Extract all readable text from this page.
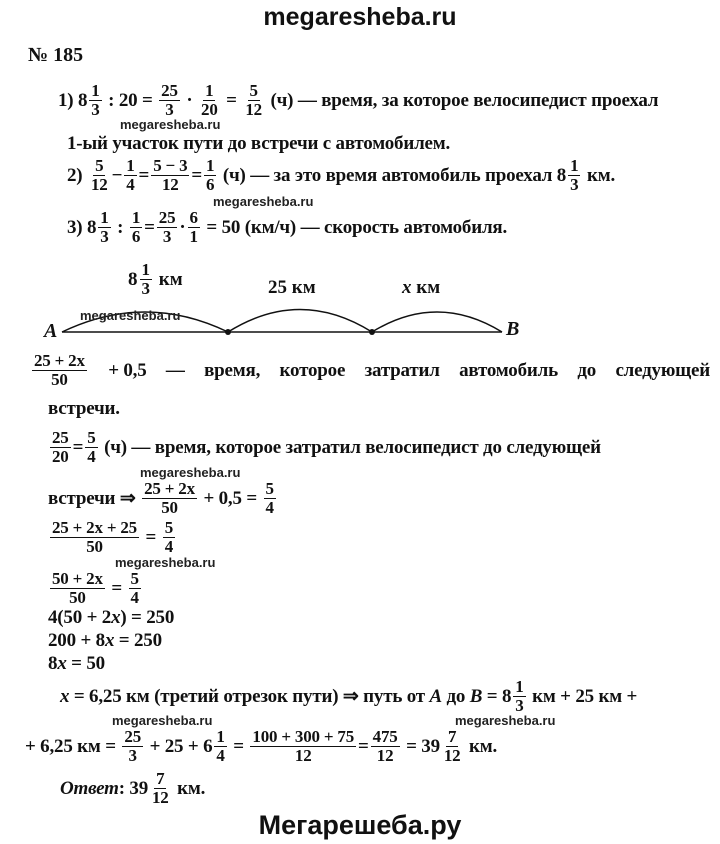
megaresheba.ru
№ 185
1) $8 \frac{1}{3}$ : $20 = \frac{25}{3} \cdot \frac{1}{20} = \frac{5}{12} (ч)$ — время, за которое велосипедист проехал
megaresheba.ru
1-ый участок пути до встречи с автомобилем.
$2) \frac{5}{12} - \frac{1}{4} = \frac{5 - 3}{12} = \frac{1}{6} (ч)$ — за это время автомобиль проехал $8 \frac{1}{3}$ км.
megaresheba.ru
3) $8 \frac{1}{3}$ : $\frac{1}{6} = \frac{25}{3} \cdot \frac{6}{1} = 50$ (км/ч) — скорость автомобиля.
$8 \frac{1}{3}$ км	25 км	x км
A	B
megaresheba.ru
$\frac{25 + 2x}{50} + 0,5$ — время, которое затратил автомобиль до следующей
встречи.
$\frac{25}{20} = \frac{5}{4} (ч)$ — время, которое затратил велосипедист до следующей
megaresheba.ru
встречи ⇒ $\frac{25 + 2x}{50} + 0,5 = \frac{5}{4}$
$\frac{25 + 2x + 25}{50} = \frac{5}{4}$
megaresheba.ru
$\frac{50 + 2x}{50} = \frac{5}{4}$
4(50 + 2 x ) = 250
200 + 8 x = 250
8 x = 50
x = 6,25 км (третий отрезок пути) ⇒ путь от A до $B = 8 \frac{1}{3}$ км + 25 км +
megaresheba.ru	megaresheba.ru
+ 6,25 км = $\frac{25}{3} + 25 + 6 \frac{1}{4} = \frac{100 + 300 + 75}{12} = \frac{475}{12} = 39 \frac{7}{12}$ км.
Ответ : $39 \frac{7}{12}$ км.
Мегарешеба.ру
